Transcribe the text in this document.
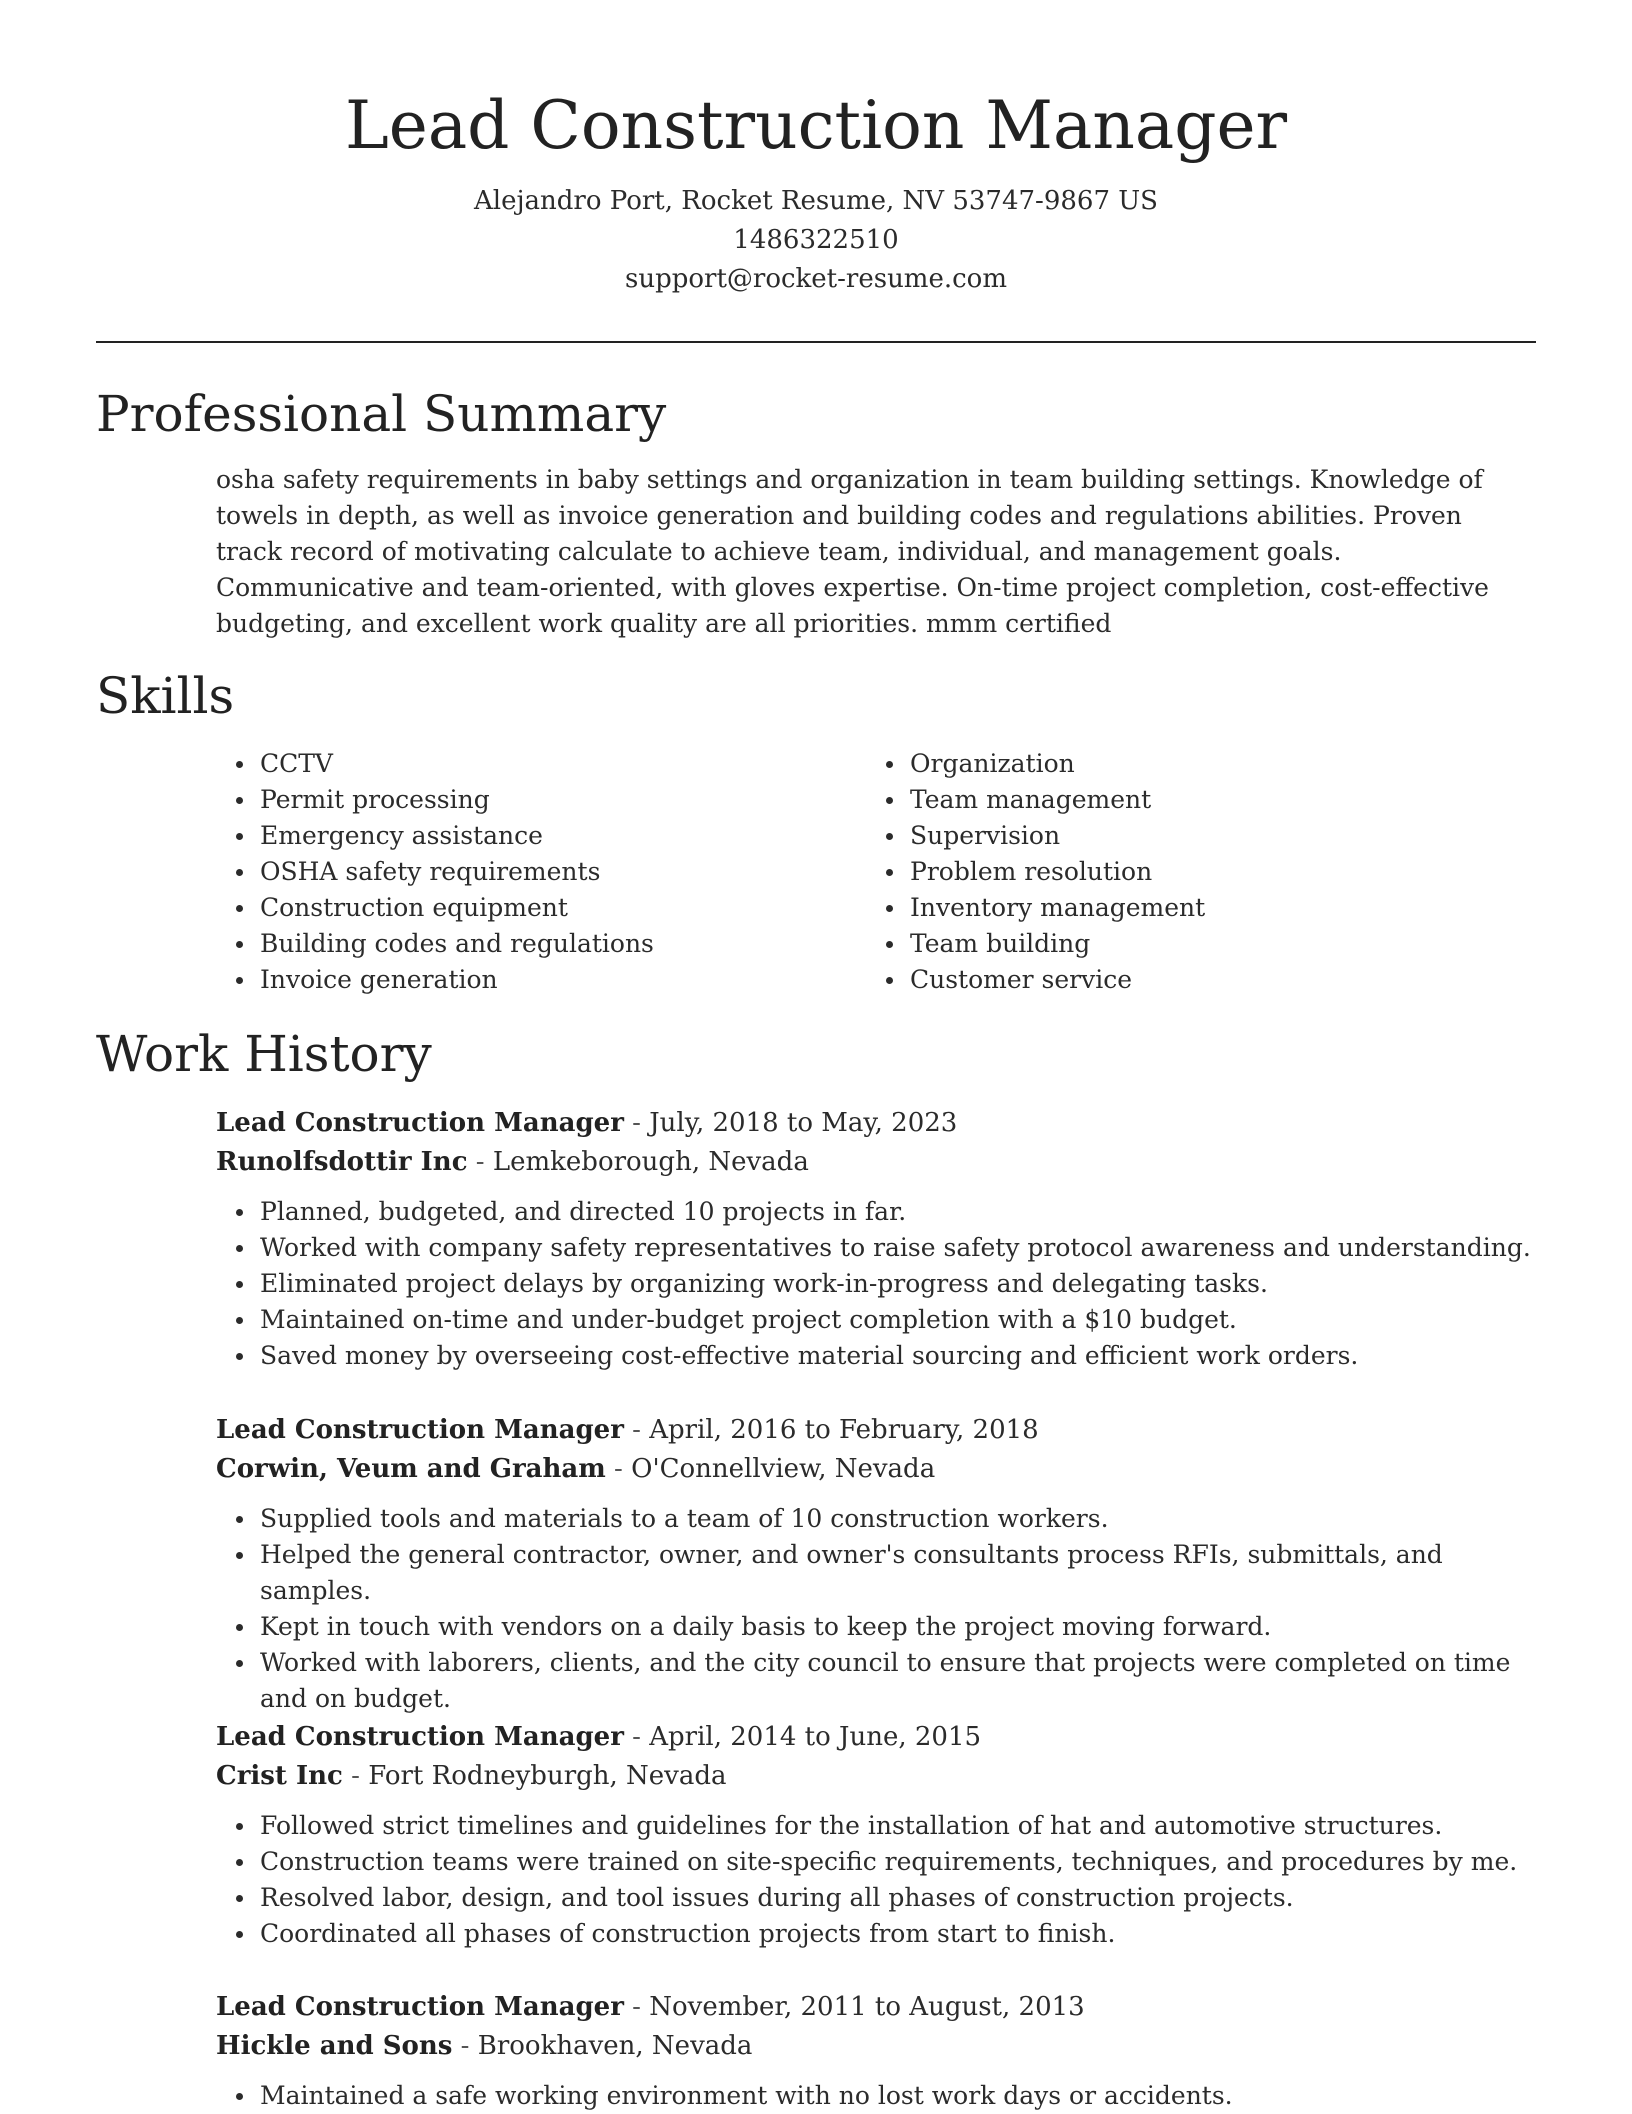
Lead Construction Manager

Alejandro Port, Rocket Resume, NV 53747-9867 US

1486322510

support@rocket-resume.com

Professional Summary

osha safety requirements in baby settings and organization in team building settings. Knowledge of towels in depth, as well as invoice generation and building codes and regulations abilities. Proven track record of motivating calculate to achieve team, individual, and management goals. Communicative and team-oriented, with gloves expertise. On-time project completion, cost-effective budgeting, and excellent work quality are all priorities. mmm certified

Skills
CCTV
Permit processing
Emergency assistance
OSHA safety requirements
Construction equipment
Building codes and regulations
Invoice generation
Organization
Team management
Supervision
Problem resolution
Inventory management
Team building
Customer service
Work History

Lead Construction Manager - July, 2018 to May, 2023

Runolfsdottir Inc - Lemkeborough, Nevada

Planned, budgeted, and directed 10 projects in far.
Worked with company safety representatives to raise safety protocol awareness and understanding.
Eliminated project delays by organizing work-in-progress and delegating tasks.
Maintained on-time and under-budget project completion with a $10 budget.
Saved money by overseeing cost-effective material sourcing and efficient work orders.

Lead Construction Manager - April, 2016 to February, 2018

Corwin, Veum and Graham - O'Connellview, Nevada

Supplied tools and materials to a team of 10 construction workers.
Helped the general contractor, owner, and owner's consultants process RFIs, submittals, and samples.
Kept in touch with vendors on a daily basis to keep the project moving forward.
Worked with laborers, clients, and the city council to ensure that projects were completed on time and on budget.

Lead Construction Manager - April, 2014 to June, 2015

Crist Inc - Fort Rodneyburgh, Nevada

Followed strict timelines and guidelines for the installation of hat and automotive structures.
Construction teams were trained on site-specific requirements, techniques, and procedures by me.
Resolved labor, design, and tool issues during all phases of construction projects.
Coordinated all phases of construction projects from start to finish.

Lead Construction Manager - November, 2011 to August, 2013

Hickle and Sons - Brookhaven, Nevada

Maintained a safe working environment with no lost work days or accidents.
